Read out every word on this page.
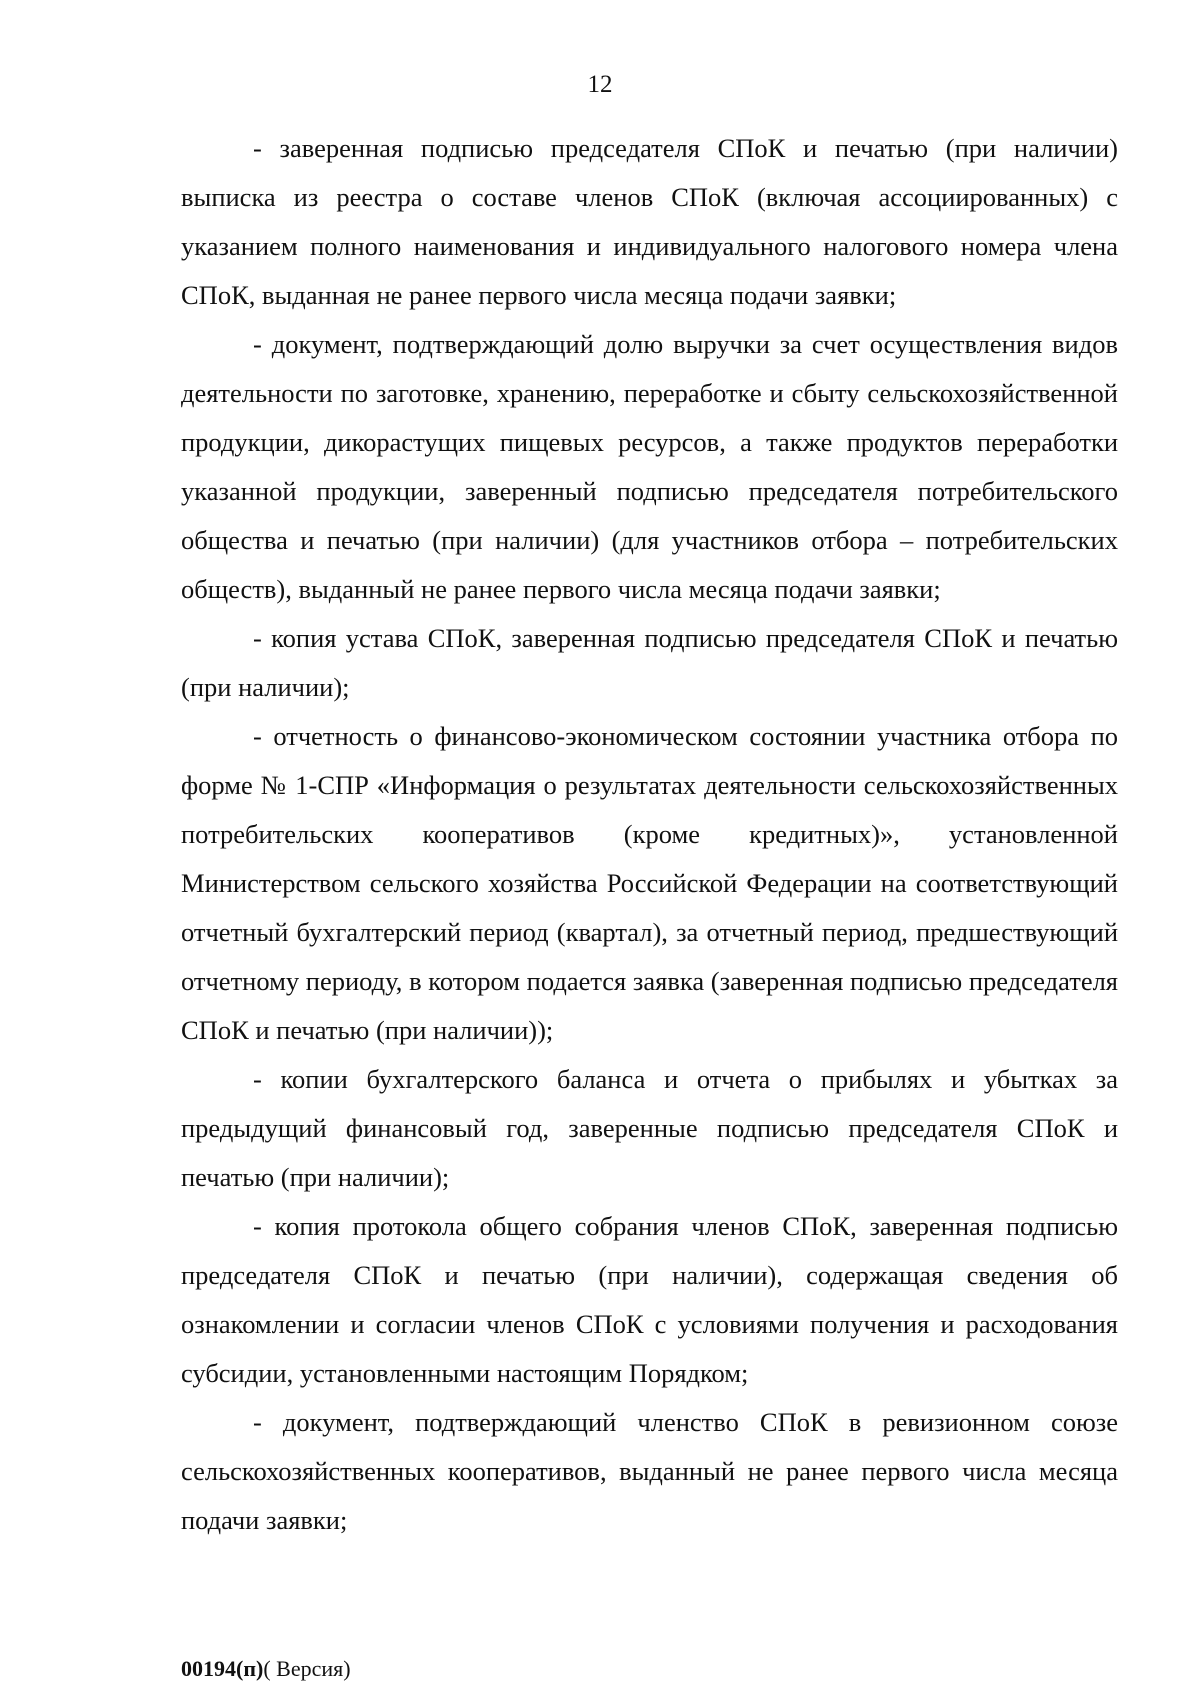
12

- заверенная подписью председателя СПоК и печатью (при наличии) выписка из реестра о составе членов СПоК (включая ассоциированных) с указанием полного наименования и индивидуального налогового номера члена СПоК, выданная не ранее первого числа месяца подачи заявки;

- документ, подтверждающий долю выручки за счет осуществления видов деятельности по заготовке, хранению, переработке и сбыту сельскохозяйственной продукции, дикорастущих пищевых ресурсов, а также продуктов переработки указанной продукции, заверенный подписью председателя потребительского общества и печатью (при наличии) (для участников отбора – потребительских обществ), выданный не ранее первого числа месяца подачи заявки;

- копия устава СПоК, заверенная подписью председателя СПоК и печатью (при наличии);

- отчетность о финансово-экономическом состоянии участника отбора по форме № 1-СПР «Информация о результатах деятельности сельскохозяйственных потребительских кооперативов (кроме кредитных)», установленной Министерством сельского хозяйства Российской Федерации на соответствующий отчетный бухгалтерский период (квартал), за отчетный период, предшествующий отчетному периоду, в котором подается заявка (заверенная подписью председателя СПоК и печатью (при наличии));

- копии бухгалтерского баланса и отчета о прибылях и убытках за предыдущий финансовый год, заверенные подписью председателя СПоК и печатью (при наличии);

- копия протокола общего собрания членов СПоК, заверенная подписью председателя СПоК и печатью (при наличии), содержащая сведения об ознакомлении и согласии членов СПоК с условиями получения и расходования субсидии, установленными настоящим Порядком;

- документ, подтверждающий членство СПоК в ревизионном союзе сельскохозяйственных кооперативов, выданный не ранее первого числа месяца подачи заявки;

00194(п)( Версия)
